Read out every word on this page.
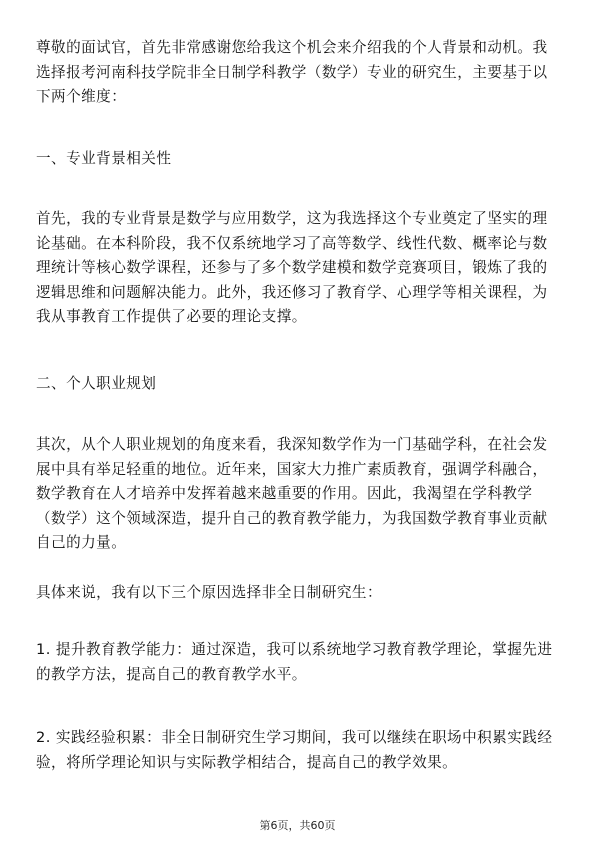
尊敬的面试官，首先非常感谢您给我这个机会来介绍我的个人背景和动机。我选择报考河南科技学院非全日制学科教学（数学）专业的研究生，主要基于以下两个维度：

一、专业背景相关性

首先，我的专业背景是数学与应用数学，这为我选择这个专业奠定了坚实的理论基础。在本科阶段，我不仅系统地学习了高等数学、线性代数、概率论与数理统计等核心数学课程，还参与了多个数学建模和数学竞赛项目，锻炼了我的逻辑思维和问题解决能力。此外，我还修习了教育学、心理学等相关课程，为我从事教育工作提供了必要的理论支撑。

二、个人职业规划

其次，从个人职业规划的角度来看，我深知数学作为一门基础学科，在社会发展中具有举足轻重的地位。近年来，国家大力推广素质教育，强调学科融合，数学教育在人才培养中发挥着越来越重要的作用。因此，我渴望在学科教学（数学）这个领域深造，提升自己的教育教学能力，为我国数学教育事业贡献自己的力量。

具体来说，我有以下三个原因选择非全日制研究生：

1. 提升教育教学能力：通过深造，我可以系统地学习教育教学理论，掌握先进的教学方法，提高自己的教育教学水平。

2. 实践经验积累：非全日制研究生学习期间，我可以继续在职场中积累实践经验，将所学理论知识与实际教学相结合，提高自己的教学效果。

第6页，共60页
